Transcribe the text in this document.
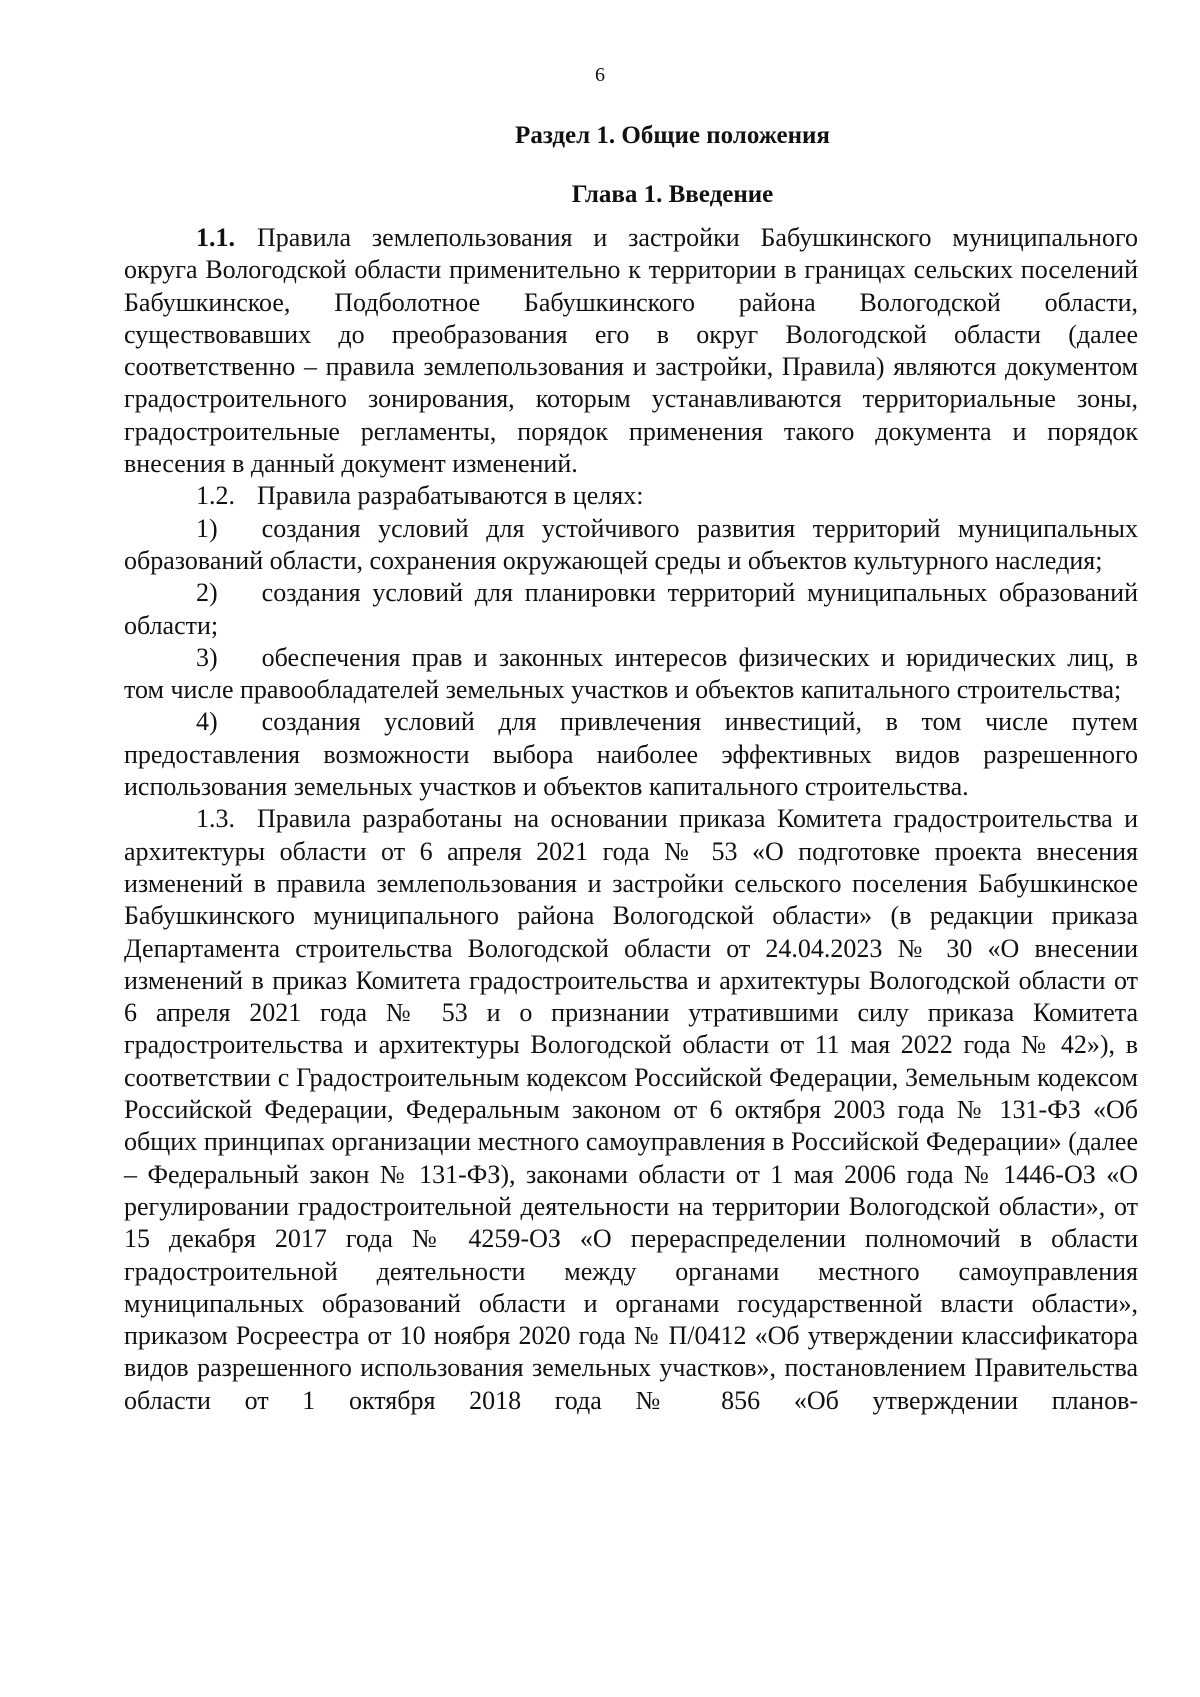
6
Раздел 1. Общие положения
Глава 1. Введение

1.1. Правила землепользования и застройки Бабушкинского муниципального округа Вологодской области применительно к территории в границах сельских поселений Бабушкинское, Подболотное Бабушкинского района Вологодской области, существовавших до преобразования его в округ Вологодской области (далее соответственно – правила землепользования и застройки, Правила) являются документом градостроительного зонирования, которым устанавливаются территориальные зоны, градостроительные регламенты, порядок применения такого документа и порядок внесения в данный документ изменений.

1.2. Правила разрабатываются в целях:

1) создания условий для устойчивого развития территорий муниципальных образований области, сохранения окружающей среды и объектов культурного наследия;

2) создания условий для планировки территорий муниципальных образований области;

3) обеспечения прав и законных интересов физических и юридических лиц, в том числе правообладателей земельных участков и объектов капитального строительства;

4) создания условий для привлечения инвестиций, в том числе путем предоставления возможности выбора наиболее эффективных видов разрешенного использования земельных участков и объектов капитального строительства.

1.3. Правила разработаны на основании приказа Комитета градостроительства и архитектуры области от 6 апреля 2021 года № 53 «О подготовке проекта внесения изменений в правила землепользования и застройки сельского поселения Бабушкинское Бабушкинского муниципального района Вологодской области» (в редакции приказа Департамента строительства Вологодской области от 24.04.2023 № 30 «О внесении изменений в приказ Комитета градостроительства и архитектуры Вологодской области от 6 апреля 2021 года № 53 и о признании утратившими силу приказа Комитета градостроительства и архитектуры Вологодской области от 11 мая 2022 года № 42»), в соответствии с Градостроительным кодексом Российской Федерации, Земельным кодексом Российской Федерации, Федеральным законом от 6 октября 2003 года № 131-ФЗ «Об общих принципах организации местного самоуправления в Российской Федерации» (далее – Федеральный закон № 131-ФЗ), законами области от 1 мая 2006 года № 1446-ОЗ «О регулировании градостроительной деятельности на территории Вологодской области», от 15 декабря 2017 года № 4259-ОЗ «О перераспределении полномочий в области градостроительной деятельности между органами местного самоуправления муниципальных образований области и органами государственной власти области», приказом Росреестра от 10 ноября 2020 года № П/0412 «Об утверждении классификатора видов разрешенного использования земельных участков», постановлением Правительства области от 1 октября 2018 года № 856 «Об утверждении планов-
